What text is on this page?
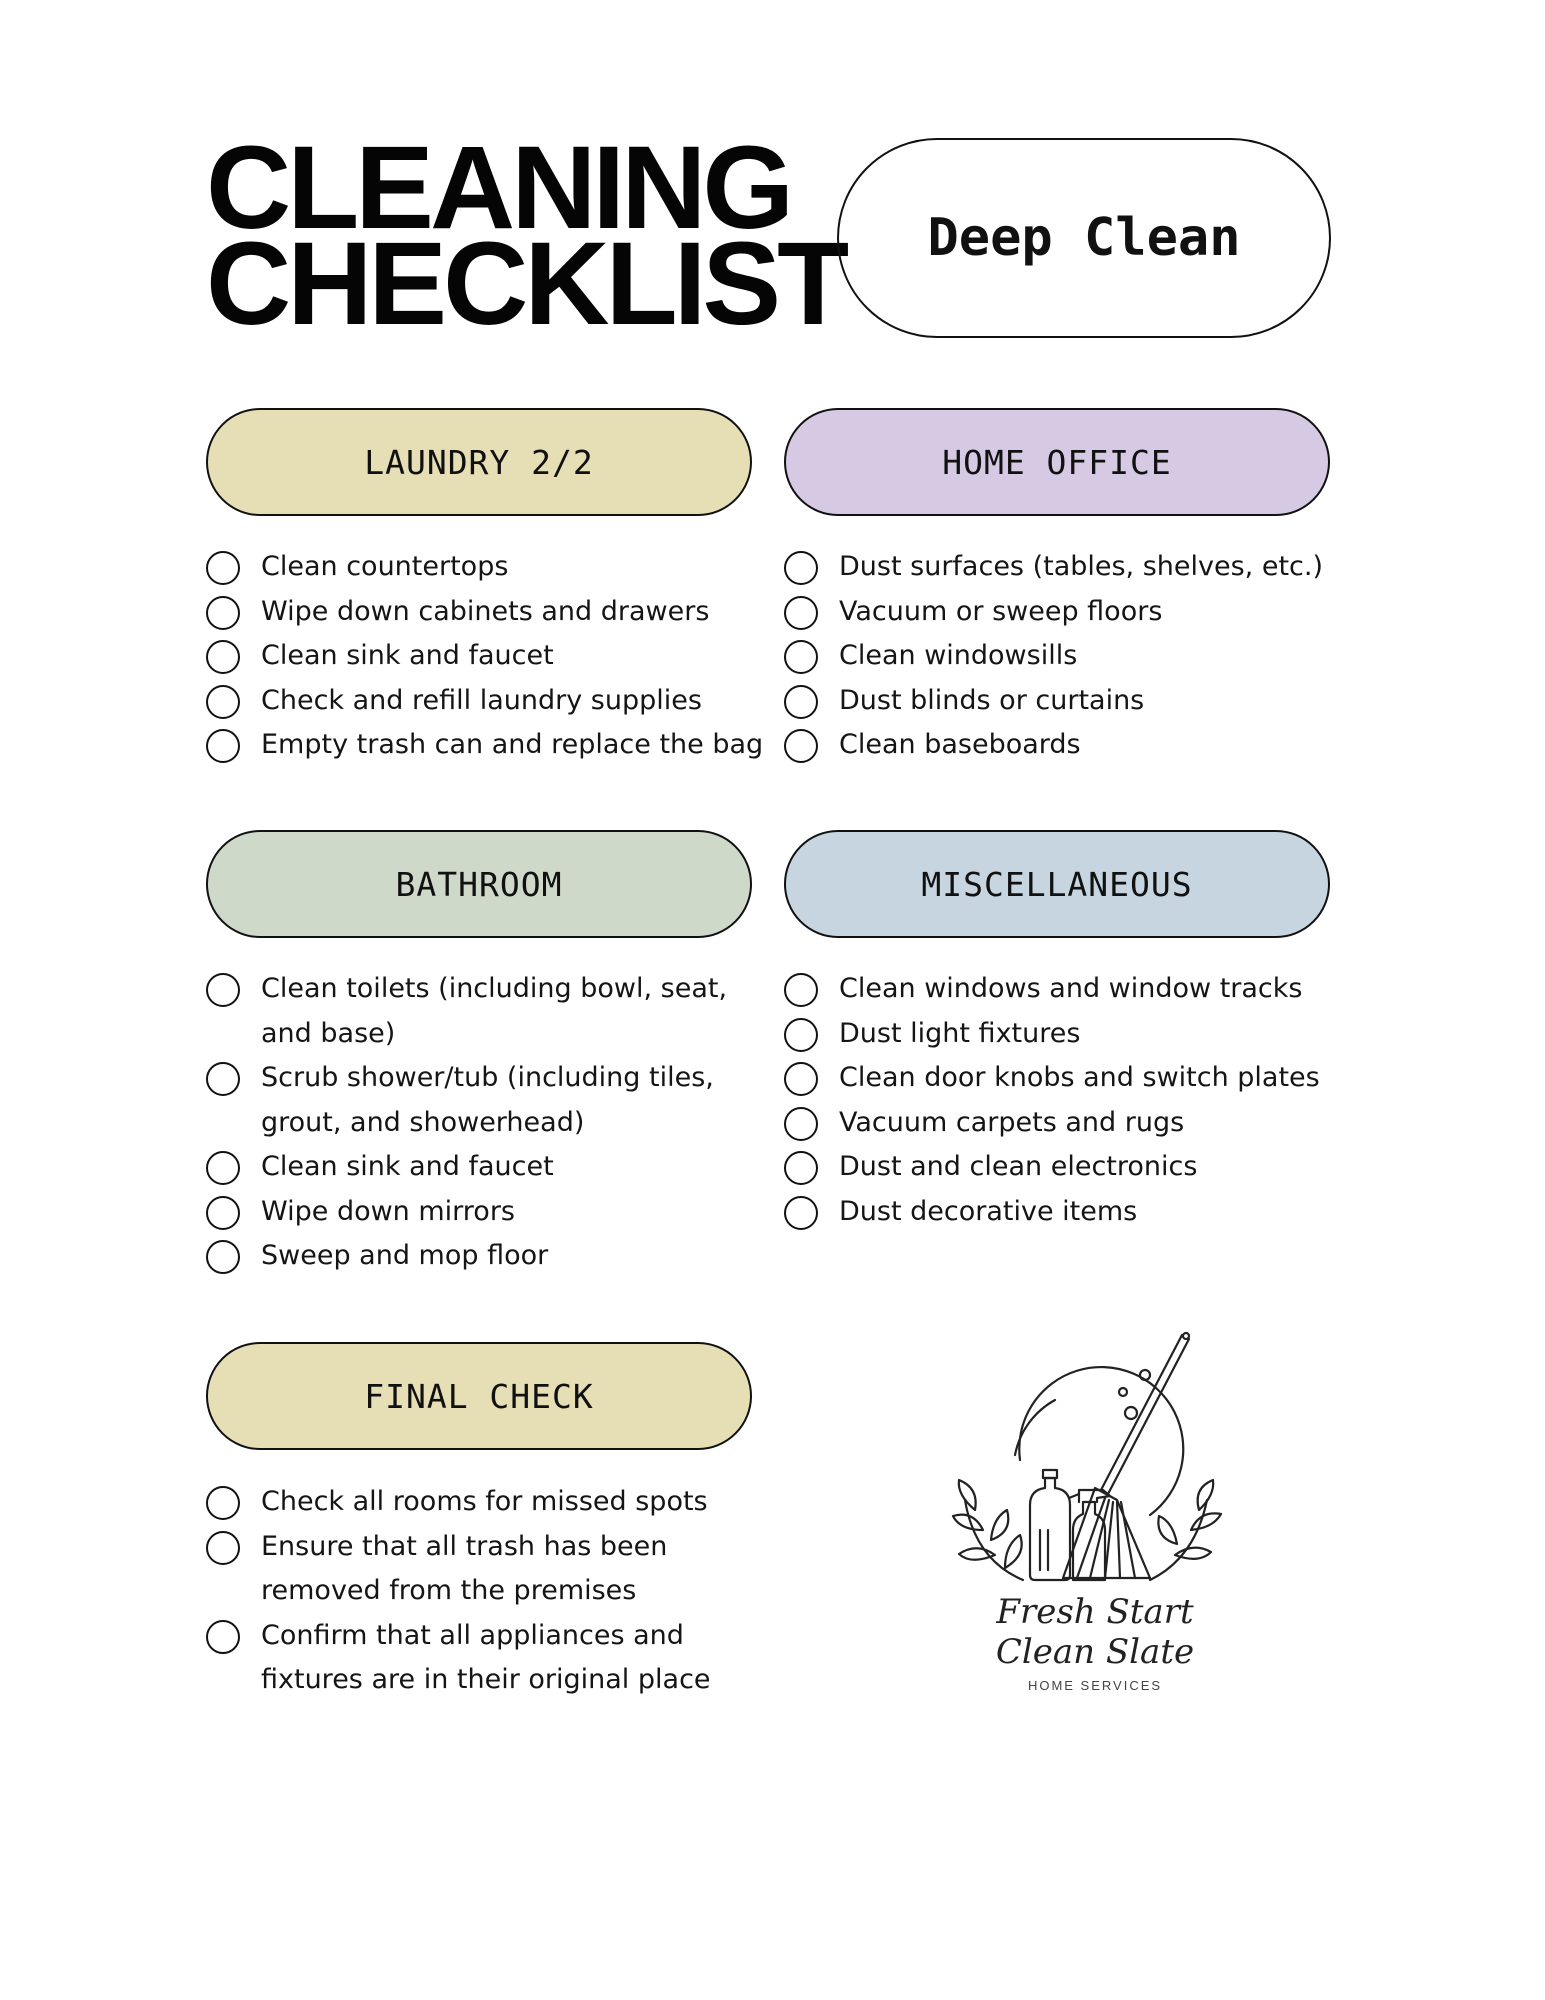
CLEANING
CHECKLIST	Deep Clean
LAUNDRY 2/2
Clean countertops
Wipe down cabinets and drawers
Clean sink and faucet
Check and refill laundry supplies
Empty trash can and replace the bag
HOME OFFICE
Dust surfaces (tables, shelves, etc.)
Vacuum or sweep floors
Clean windowsills
Dust blinds or curtains
Clean baseboards
BATHROOM
Clean toilets (including bowl, seat, and base)
Scrub shower/tub (including tiles, grout, and showerhead)
Clean sink and faucet
Wipe down mirrors
Sweep and mop floor
MISCELLANEOUS
Clean windows and window tracks
Dust light fixtures
Clean door knobs and switch plates
Vacuum carpets and rugs
Dust and clean electronics
Dust decorative items
FINAL CHECK
Check all rooms for missed spots
Ensure that all trash has been removed from the premises
Confirm that all appliances and fixtures are in their original place
Fresh Start
Clean Slate
HOME SERVICES
